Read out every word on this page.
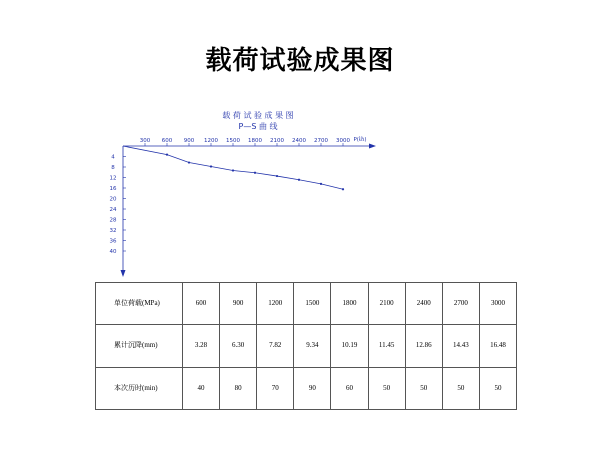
载荷试验成果图
载 荷 试 验 成 果 图
P—S 曲 线
P(㎪)
300 600 900 1200 1500 1800 2100 2400 2700 3000
4
8
12
16
20
24
28
32
36
40
单位荷载(MPa)	600	900	1200	1500	1800	2100	2400	2700	3000
累计沉降(mm)	3.28	6.30	7.82	9.34	10.19	11.45	12.86	14.43	16.48
本次历时(min)	40	80	70	90	60	50	50	50	50
